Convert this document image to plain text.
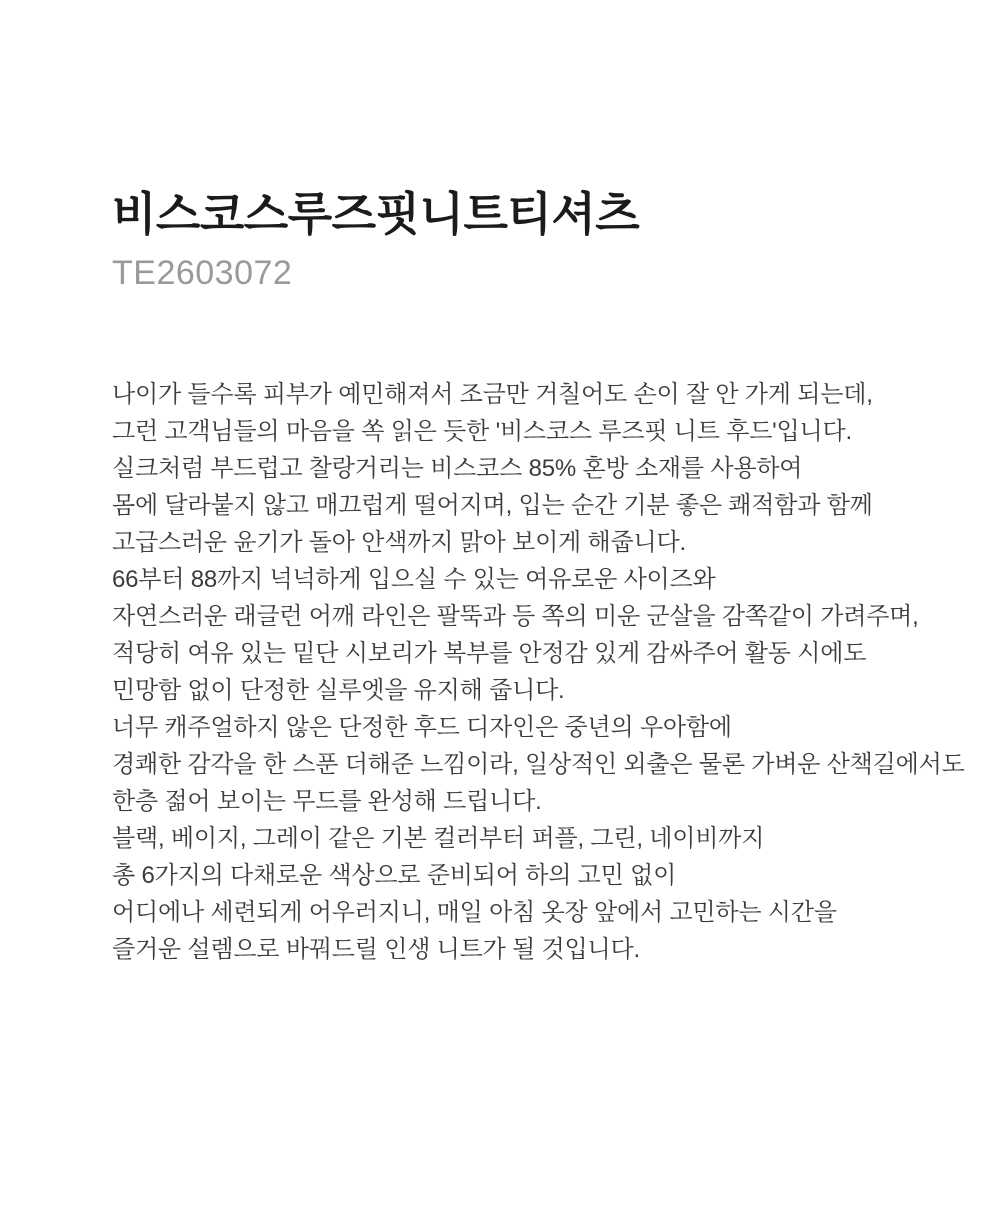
비스코스루즈핏니트티셔츠
TE2603072
나이가 들수록 피부가 예민해져서 조금만 거칠어도 손이 잘 안 가게 되는데,
그런 고객님들의 마음을 쏙 읽은 듯한 '비스코스 루즈핏 니트 후드'입니다.
실크처럼 부드럽고 찰랑거리는 비스코스 85% 혼방 소재를 사용하여
몸에 달라붙지 않고 매끄럽게 떨어지며, 입는 순간 기분 좋은 쾌적함과 함께
고급스러운 윤기가 돌아 안색까지 맑아 보이게 해줍니다.
66부터 88까지 넉넉하게 입으실 수 있는 여유로운 사이즈와
자연스러운 래글런 어깨 라인은 팔뚝과 등 쪽의 미운 군살을 감쪽같이 가려주며,
적당히 여유 있는 밑단 시보리가 복부를 안정감 있게 감싸주어 활동 시에도
민망함 없이 단정한 실루엣을 유지해 줍니다.
너무 캐주얼하지 않은 단정한 후드 디자인은 중년의 우아함에
경쾌한 감각을 한 스푼 더해준 느낌이라, 일상적인 외출은 물론 가벼운 산책길에서도
한층 젊어 보이는 무드를 완성해 드립니다.
블랙, 베이지, 그레이 같은 기본 컬러부터 퍼플, 그린, 네이비까지
총 6가지의 다채로운 색상으로 준비되어 하의 고민 없이
어디에나 세련되게 어우러지니, 매일 아침 옷장 앞에서 고민하는 시간을
즐거운 설렘으로 바꿔드릴 인생 니트가 될 것입니다.
